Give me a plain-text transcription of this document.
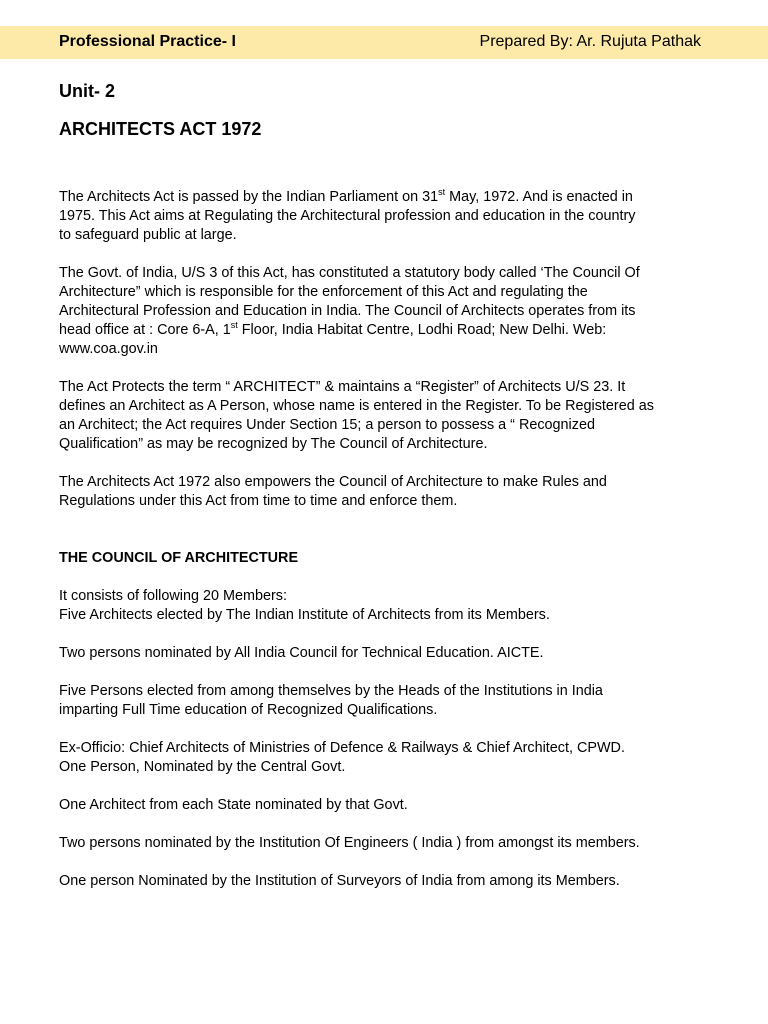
Professional Practice- I	Prepared By: Ar. Rujuta Pathak
Unit- 2
ARCHITECTS ACT 1972

The Architects Act is passed by the Indian Parliament on 31st May, 1972. And is enacted in

1975. This Act aims at Regulating the Architectural profession and education in the country

to safeguard public at large.

The Govt. of India, U/S 3 of this Act, has constituted a statutory body called ‘The Council Of

Architecture” which is responsible for the enforcement of this Act and regulating the

Architectural Profession and Education in India. The Council of Architects operates from its

head office at : Core 6-A, 1st Floor, India Habitat Centre, Lodhi Road; New Delhi. Web:

www.coa.gov.in

The Act Protects the term “ ARCHITECT” & maintains a “Register” of Architects U/S 23. It

defines an Architect as A Person, whose name is entered in the Register. To be Registered as

an Architect; the Act requires Under Section 15; a person to possess a “ Recognized

Qualification” as may be recognized by The Council of Architecture.

The Architects Act 1972 also empowers the Council of Architecture to make Rules and

Regulations under this Act from time to time and enforce them.

THE COUNCIL OF ARCHITECTURE

It consists of following 20 Members:

Five Architects elected by The Indian Institute of Architects from its Members.

Two persons nominated by All India Council for Technical Education. AICTE.

Five Persons elected from among themselves by the Heads of the Institutions in India

imparting Full Time education of Recognized Qualifications.

Ex-Officio: Chief Architects of Ministries of Defence & Railways & Chief Architect, CPWD.

One Person, Nominated by the Central Govt.

One Architect from each State nominated by that Govt.

Two persons nominated by the Institution Of Engineers ( India ) from amongst its members.

One person Nominated by the Institution of Surveyors of India from among its Members.
